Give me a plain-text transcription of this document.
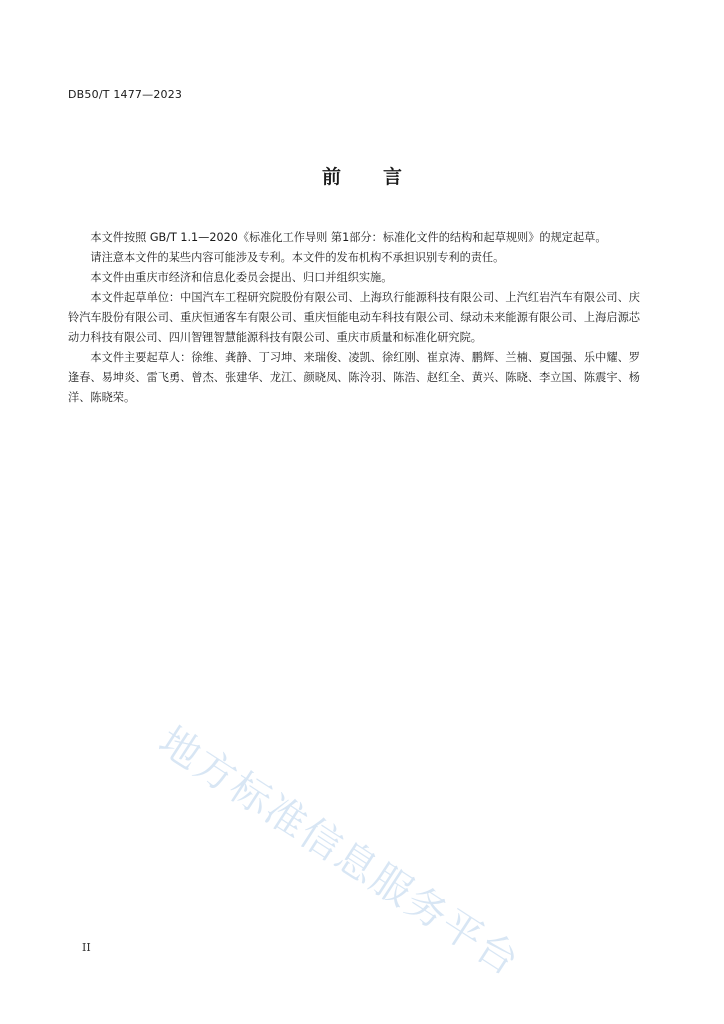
DB50/T 1477—2023
前 言

本文件按照 GB/T 1.1—2020《标准化工作导则 第1部分：标准化文件的结构和起草规则》的规定起草。

请注意本文件的某些内容可能涉及专利。本文件的发布机构不承担识别专利的责任。

本文件由重庆市经济和信息化委员会提出、归口并组织实施。

本文件起草单位：中国汽车工程研究院股份有限公司、上海玖行能源科技有限公司、上汽红岩汽车有限公司、庆铃汽车股份有限公司、重庆恒通客车有限公司、重庆恒能电动车科技有限公司、绿动未来能源有限公司、上海启源芯动力科技有限公司、四川智锂智慧能源科技有限公司、重庆市质量和标准化研究院。

本文件主要起草人：徐维、龚静、丁习坤、来瑞俊、凌凯、徐红刚、崔京涛、鹏辉、兰楠、夏国强、乐中耀、罗逢春、易坤炎、雷飞勇、曾杰、张建华、龙江、颜晓凤、陈泠羽、陈浩、赵红全、黄兴、陈晓、李立国、陈震宇、杨洋、陈晓荣。

地方标准信息服务平台
II
